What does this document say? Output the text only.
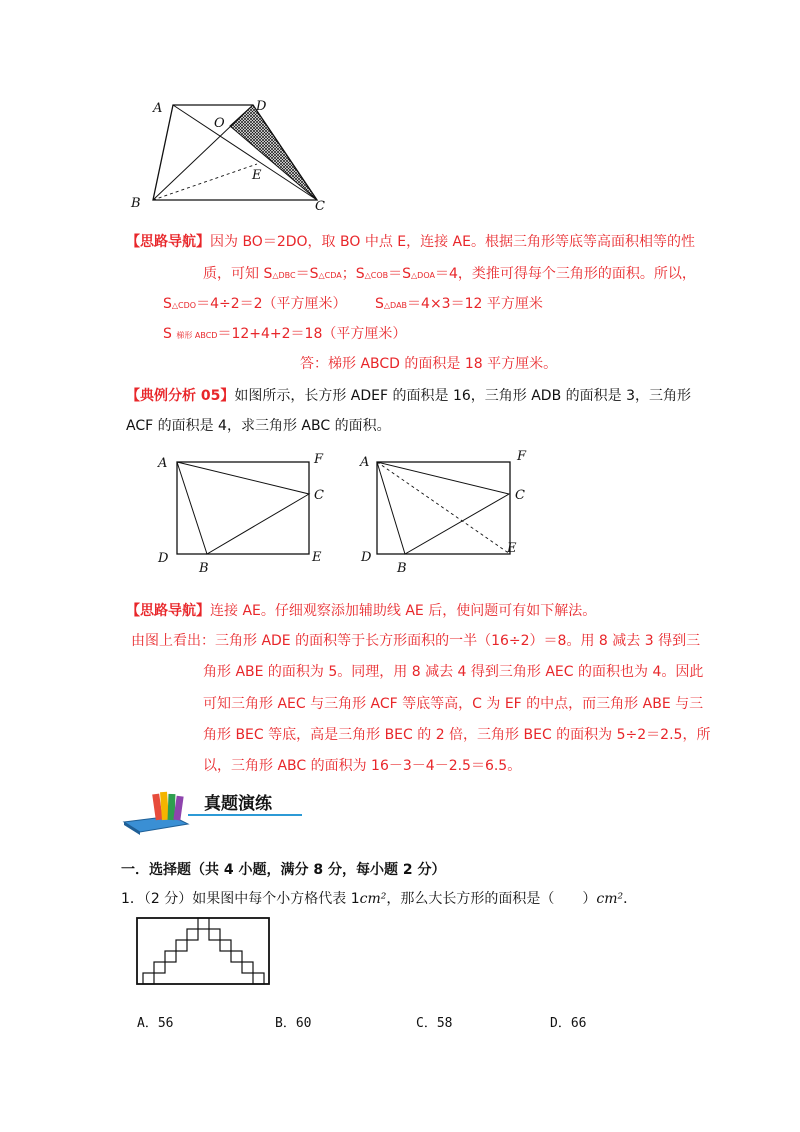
A	D
O
E
B	C
【思路导航】因为 BO＝2DO，取 BO 中点 E，连接 AE。根据三角形等底等高面积相等的性
质，可知 S△DBC＝S△CDA；S△COB＝S△DOA＝4，类推可得每个三角形的面积。所以，
S△CDO＝4÷2＝2（平方厘米） S△DAB＝4×3＝12 平方厘米
S 梯形 ABCD＝12+4+2＝18（平方厘米）
答：梯形 ABCD 的面积是 18 平方厘米。
【典例分析 05】如图所示，长方形 ADEF 的面积是 16，三角形 ADB 的面积是 3，三角形
ACF 的面积是 4，求三角形 ABC 的面积。
A	F
C
D
B
E
A	F
C
D
B
E
【思路导航】连接 AE。仔细观察添加辅助线 AE 后，使问题可有如下解法。
由图上看出：三角形 ADE 的面积等于长方形面积的一半（16÷2）＝8。用 8 减去 3 得到三
角形 ABE 的面积为 5。同理，用 8 减去 4 得到三角形 AEC 的面积也为 4。因此
可知三角形 AEC 与三角形 ACF 等底等高，C 为 EF 的中点，而三角形 ABE 与三
角形 BEC 等底，高是三角形 BEC 的 2 倍，三角形 BEC 的面积为 5÷2＝2.5，所
以，三角形 ABC 的面积为 16－3－4－2.5＝6.5。
真题演练
一．选择题（共 4 小题，满分 8 分，每小题 2 分）
1．（2 分）如果图中每个小方格代表 1cm²，那么大长方形的面积是（　　）cm²．
A．56	B．60	C．58	D．66
